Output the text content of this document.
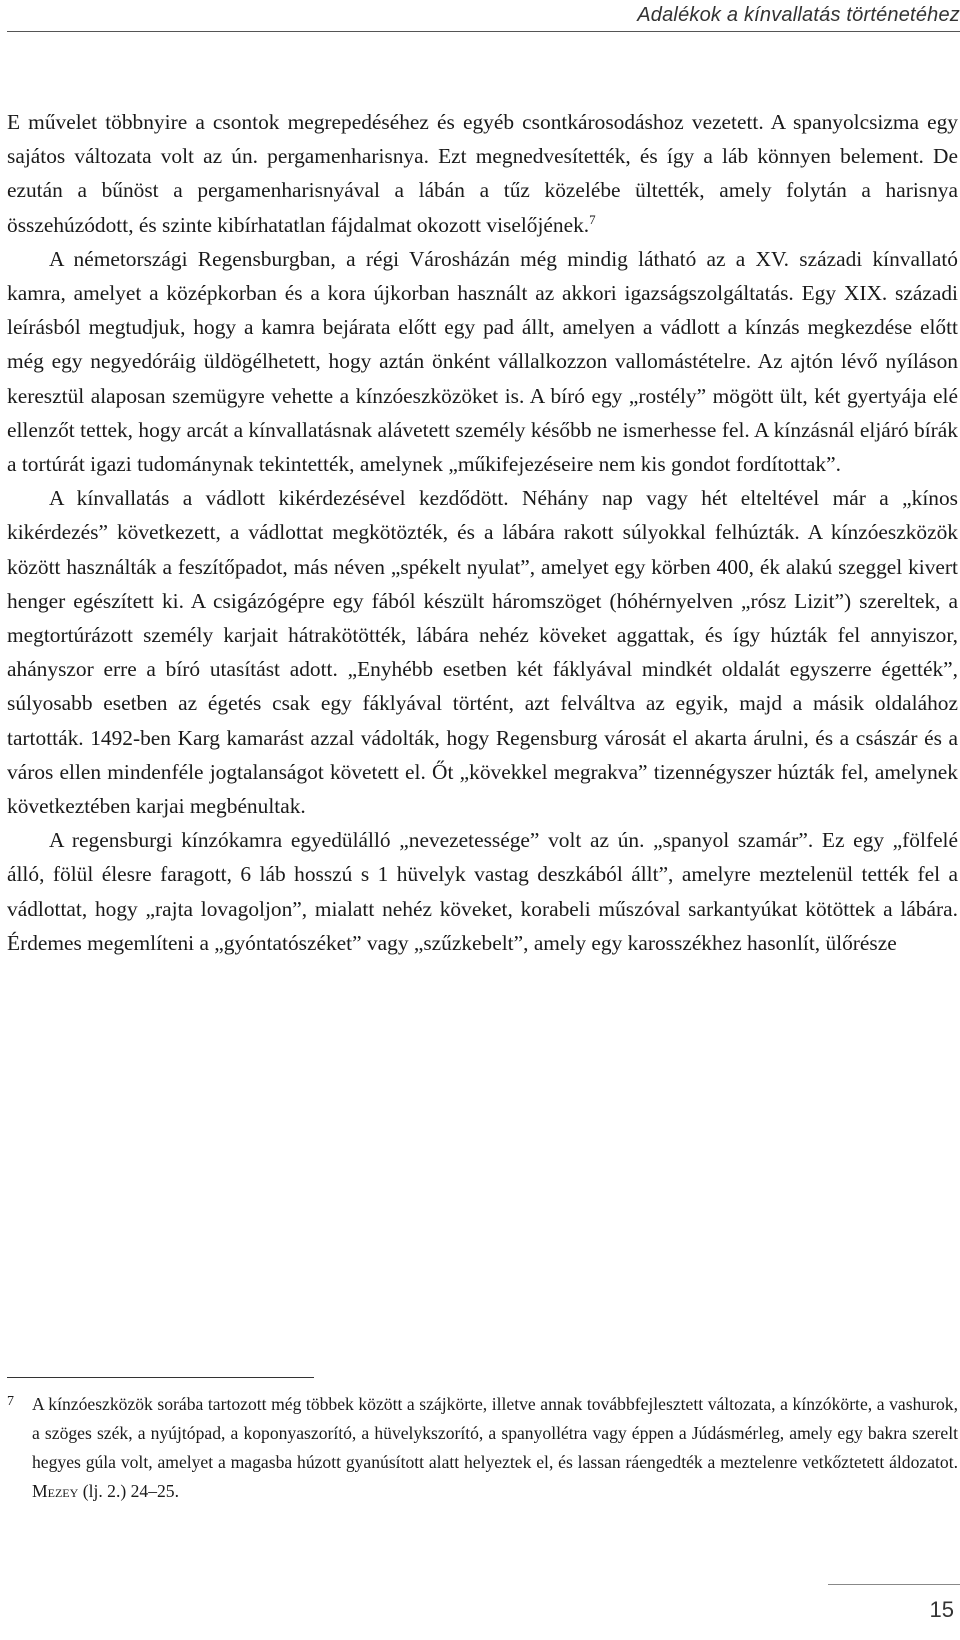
Adalékok a kínvallatás történetéhez

E művelet többnyire a csontok megrepedéséhez és egyéb csontkárosodáshoz vezetett. A spanyolcsizma egy sajátos változata volt az ún. pergamenharisnya. Ezt megnedvesítették, és így a láb könnyen belement. De ezután a bűnöst a pergamenharisnyával a lábán a tűz közelébe ültették, amely folytán a harisnya összehúzódott, és szinte kibírhatatlan fájdalmat okozott viselőjének.$^7$

A németországi Regensburgban, a régi Városházán még mindig látható az a XV. századi kínvallató kamra, amelyet a középkorban és a kora újkorban használt az akkori igazságszolgáltatás. Egy XIX. századi leírásból megtudjuk, hogy a kamra bejárata előtt egy pad állt, amelyen a vádlott a kínzás megkezdése előtt még egy negyedóráig üldögélhetett, hogy aztán önként vállalkozzon vallomástételre. Az ajtón lévő nyíláson keresztül alaposan szemügyre vehette a kínzóeszközöket is. A bíró egy „rostély” mögött ült, két gyertyája elé ellenzőt tettek, hogy arcát a kínvallatásnak alávetett személy később ne ismerhesse fel. A kínzásnál eljáró bírák a tortúrát igazi tudománynak tekintették, amelynek „műkifejezéseire nem kis gondot fordítottak”.

A kínvallatás a vádlott kikérdezésével kezdődött. Néhány nap vagy hét elteltével már a „kínos kikérdezés” következett, a vádlottat megkötözték, és a lábára rakott súlyokkal felhúzták. A kínzóeszközök között használták a feszítőpadot, más néven „spékelt nyulat”, amelyet egy körben 400, ék alakú szeggel kivert henger egészített ki. A csigázógépre egy fából készült háromszöget (hóhérnyelven „rósz Lizit”) szereltek, a megtortúrázott személy karjait hátrakötötték, lábára nehéz köveket aggattak, és így húzták fel annyiszor, ahányszor erre a bíró utasítást adott. „Enyhébb esetben két fáklyával mindkét oldalát egyszerre égették”, súlyosabb esetben az égetés csak egy fáklyával történt, azt felváltva az egyik, majd a másik oldalához tartották. 1492-ben Karg kamarást azzal vádolták, hogy Regensburg városát el akarta árulni, és a császár és a város ellen mindenféle jogtalanságot követett el. Őt „kövekkel megrakva” tizennégyszer húzták fel, amelynek következtében karjai megbénultak.

A regensburgi kínzókamra egyedülálló „nevezetessége” volt az ún. „spanyol szamár”. Ez egy „fölfelé álló, fölül élesre faragott, 6 láb hosszú s 1 hüvelyk vastag deszkából állt”, amelyre meztelenül tették fel a vádlottat, hogy „rajta lovagoljon”, mialatt nehéz köveket, korabeli műszóval sarkantyúkat kötöttek a lábára. Érdemes megemlíteni a „gyóntatószéket” vagy „szűzkebelt”, amely egy karosszékhez hasonlít, ülőrésze

7 A kínzóeszközök sorába tartozott még többek között a szájkörte, illetve annak továbbfejlesztett változata, a kínzókörte, a vashurok, a szöges szék, a nyújtópad, a koponyaszorító, a hüvelykszorító, a spanyollétra vagy éppen a Júdásmérleg, amely egy bakra szerelt hegyes gúla volt, amelyet a magasba húzott gyanúsított alatt helyeztek el, és lassan ráengedték a meztelenre vetkőztetett áldozatot. Mezey (lj. 2.) 24–25.
15
